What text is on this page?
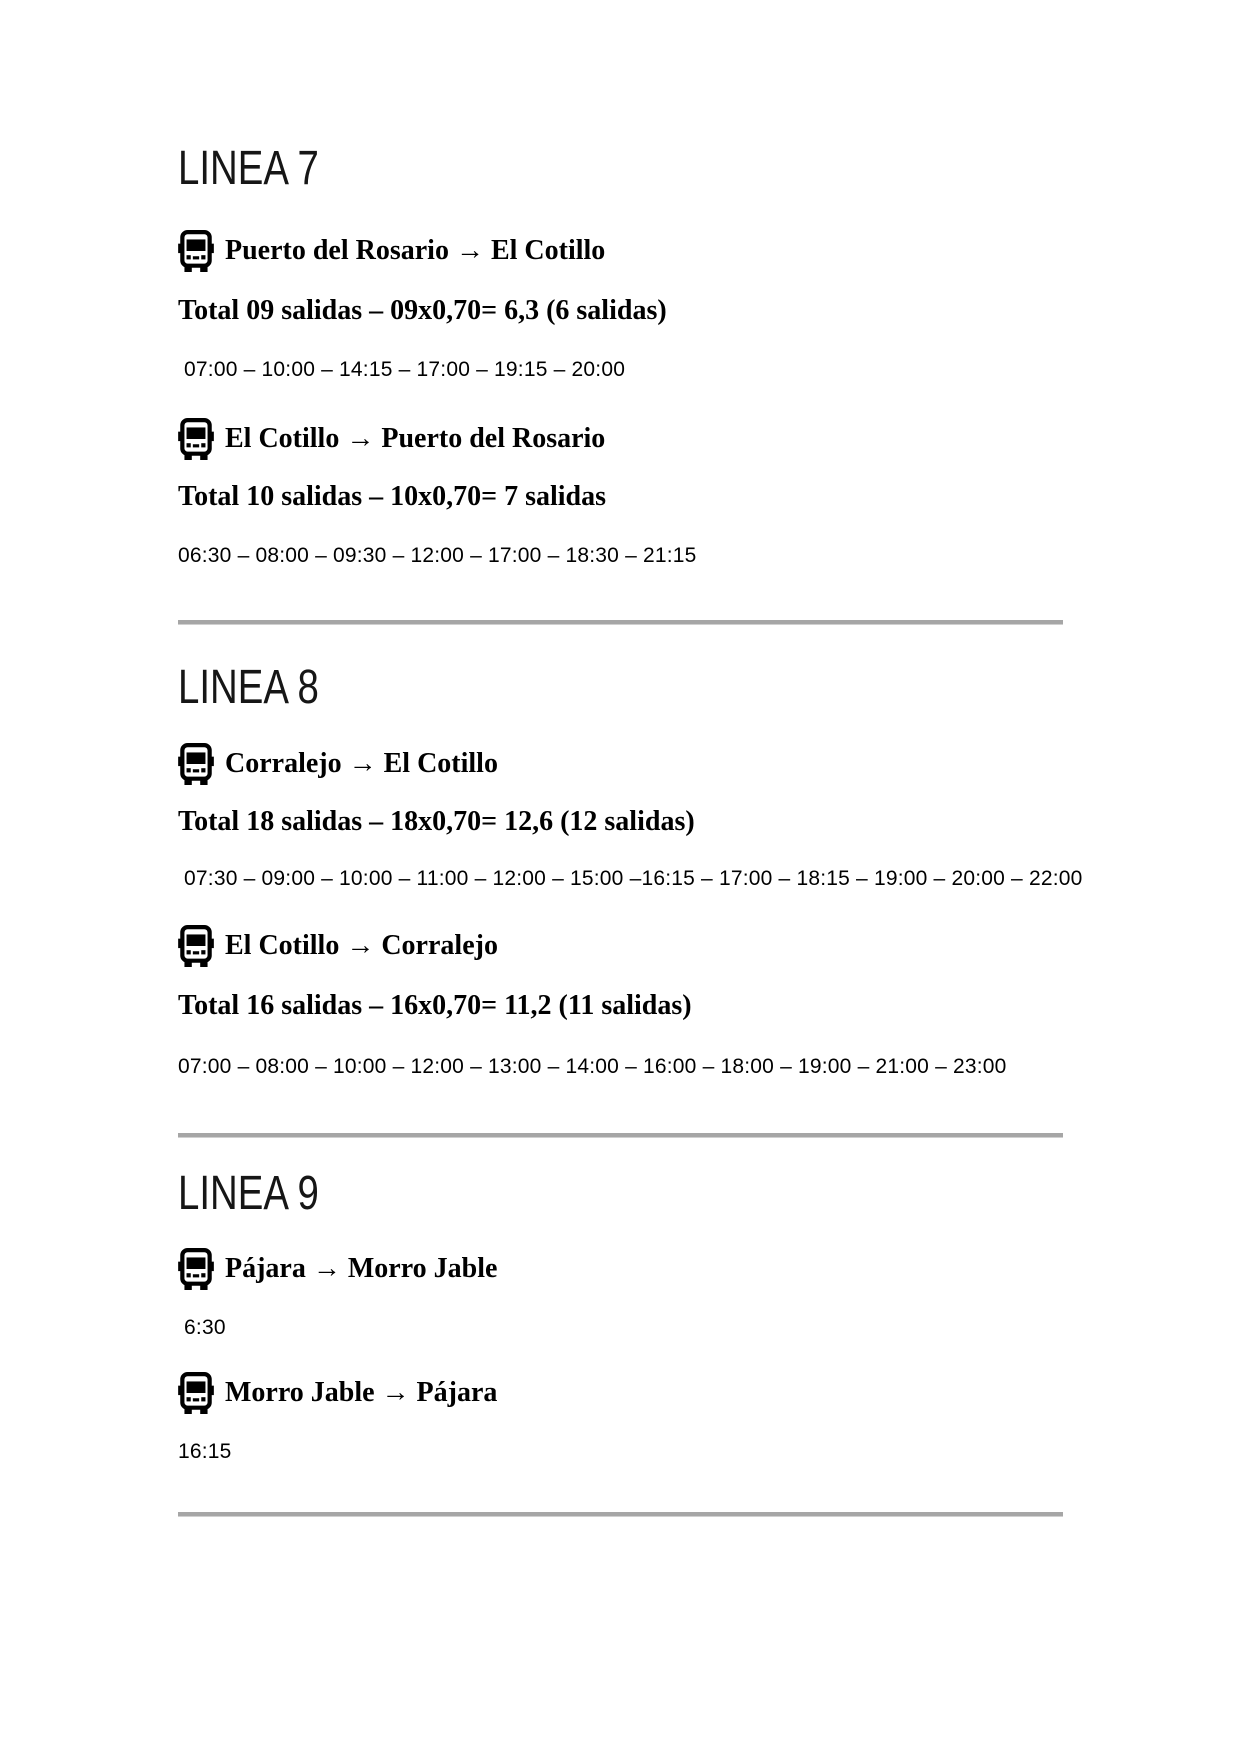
LINEA 7
Puerto del Rosario → El Cotillo

Total 09 salidas – 09x0,70= 6,3 (6 salidas)

07:00 – 10:00 – 14:15 – 17:00 – 19:15 – 20:00

El Cotillo → Puerto del Rosario

Total 10 salidas – 10x0,70= 7 salidas

06:30 – 08:00 – 09:30 – 12:00 – 17:00 – 18:30 – 21:15

LINEA 8
Corralejo → El Cotillo

Total 18 salidas – 18x0,70= 12,6 (12 salidas)

07:30 – 09:00 – 10:00 – 11:00 – 12:00 – 15:00 –16:15 – 17:00 – 18:15 – 19:00 – 20:00 – 22:00

El Cotillo → Corralejo

Total 16 salidas – 16x0,70= 11,2 (11 salidas)

07:00 – 08:00 – 10:00 – 12:00 – 13:00 – 14:00 – 16:00 – 18:00 – 19:00 – 21:00 – 23:00

LINEA 9
Pájara → Morro Jable

6:30

Morro Jable → Pájara

16:15
